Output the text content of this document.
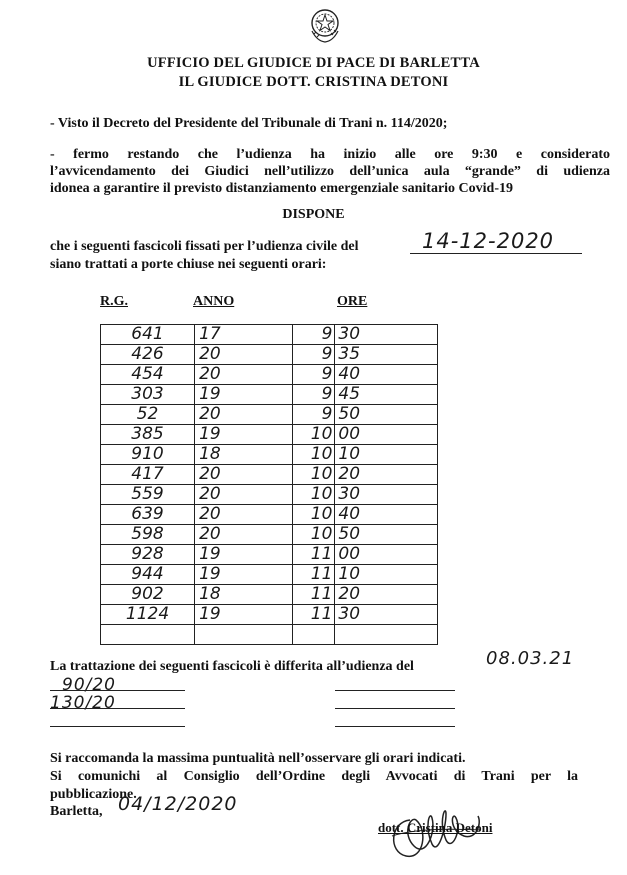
UFFICIO DEL GIUDICE DI PACE DI BARLETTA
IL GIUDICE DOTT. CRISTINA DETONI
- Visto il Decreto del Presidente del Tribunale di Trani n. 114/2020;
- fermo restando che l’udienza ha inizio alle ore 9:30 e considerato
l’avvicendamento dei Giudici nell’utilizzo dell’unica aula “grande” di udienza
idonea a garantire il previsto distanziamento emergenziale sanitario Covid-19
DISPONE
che i seguenti fascicoli fissati per l’udienza civile del	14-12-2020
siano trattati a porte chiuse nei seguenti orari:
R.G.	ANNO	ORE
641	17	9	30
426	20	9	35
454	20	9	40
303	19	9	45
52	20	9	50
385	19	10	00
910	18	10	10
417	20	10	20
559	20	10	30
639	20	10	40
598	20	10	50
928	19	11	00
944	19	11	10
902	18	11	20
1124	19	11	30

La trattazione dei seguenti fascicoli è differita all’udienza del	08.03.21
90/20
130/20
Si raccomanda la massima puntualità nell’osservare gli orari indicati.
Si comunichi al Consiglio dell’Ordine degli Avvocati di Trani per la
pubblicazione.
Barletta, 04/12/2020
dott. Cristina Detoni
